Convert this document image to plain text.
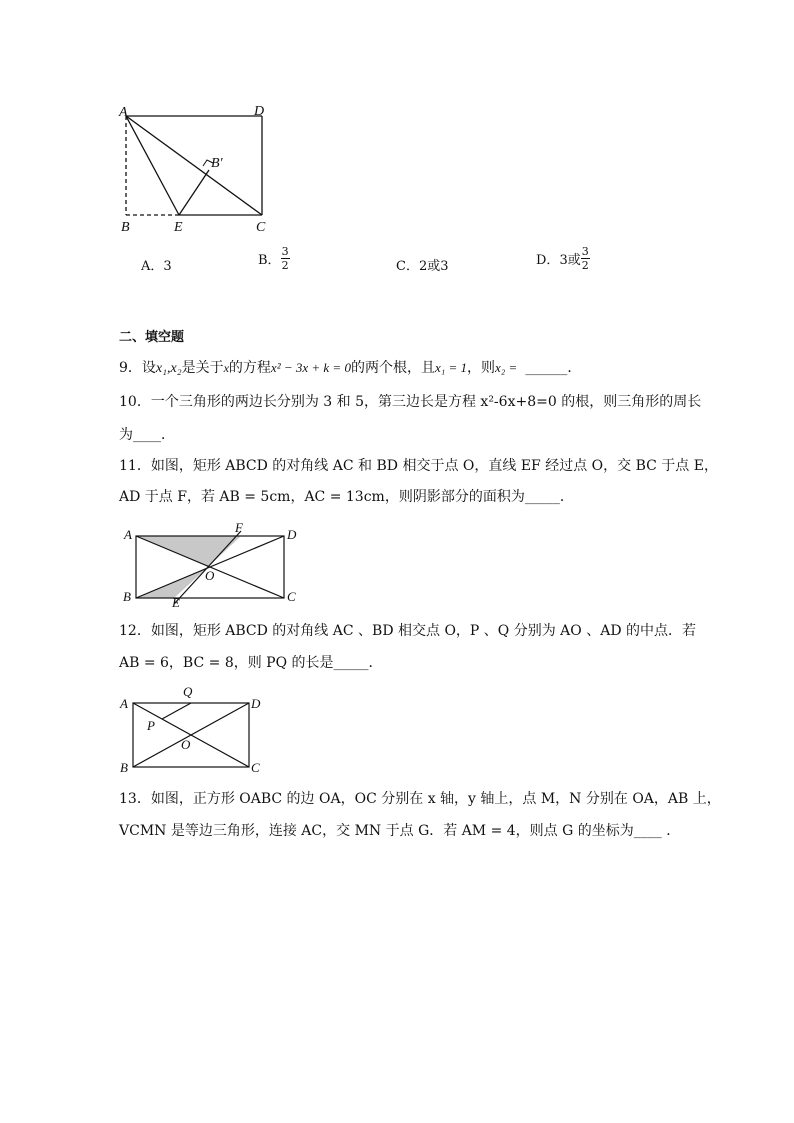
A	D
B′
B	E	C
A．3	B． $\frac{3}{2}$	C．2或3	D．3或 $\frac{3}{2}$
二、填空题
9．设x₁,x₂是关于x的方程x² − 3x + k = 0的两个根，且x₁ = 1，则x₂ = ______．
10．一个三角形的两边长分别为 3 和 5，第三边长是方程 x²-6x+8=0 的根，则三角形的周长
为____．
11．如图，矩形 ABCD 的对角线 AC 和 BD 相交于点 O，直线 EF 经过点 O，交 BC 于点 E，
AD 于点 F，若 AB = 5cm，AC = 13cm，则阴影部分的面积为_____．
A	F	D
O
B	E	C
12．如图，矩形 ABCD 的对角线 AC 、BD 相交点 O，P 、Q 分别为 AO 、AD 的中点．若
AB = 6，BC = 8，则 PQ 的长是_____．
A
Q
D
P
O
B	C
13．如图，正方形 OABC 的边 OA，OC 分别在 x 轴，y 轴上，点 M，N 分别在 OA，AB 上，
VCMN 是等边三角形，连接 AC，交 MN 于点 G．若 AM = 4，则点 G 的坐标为____ ．
